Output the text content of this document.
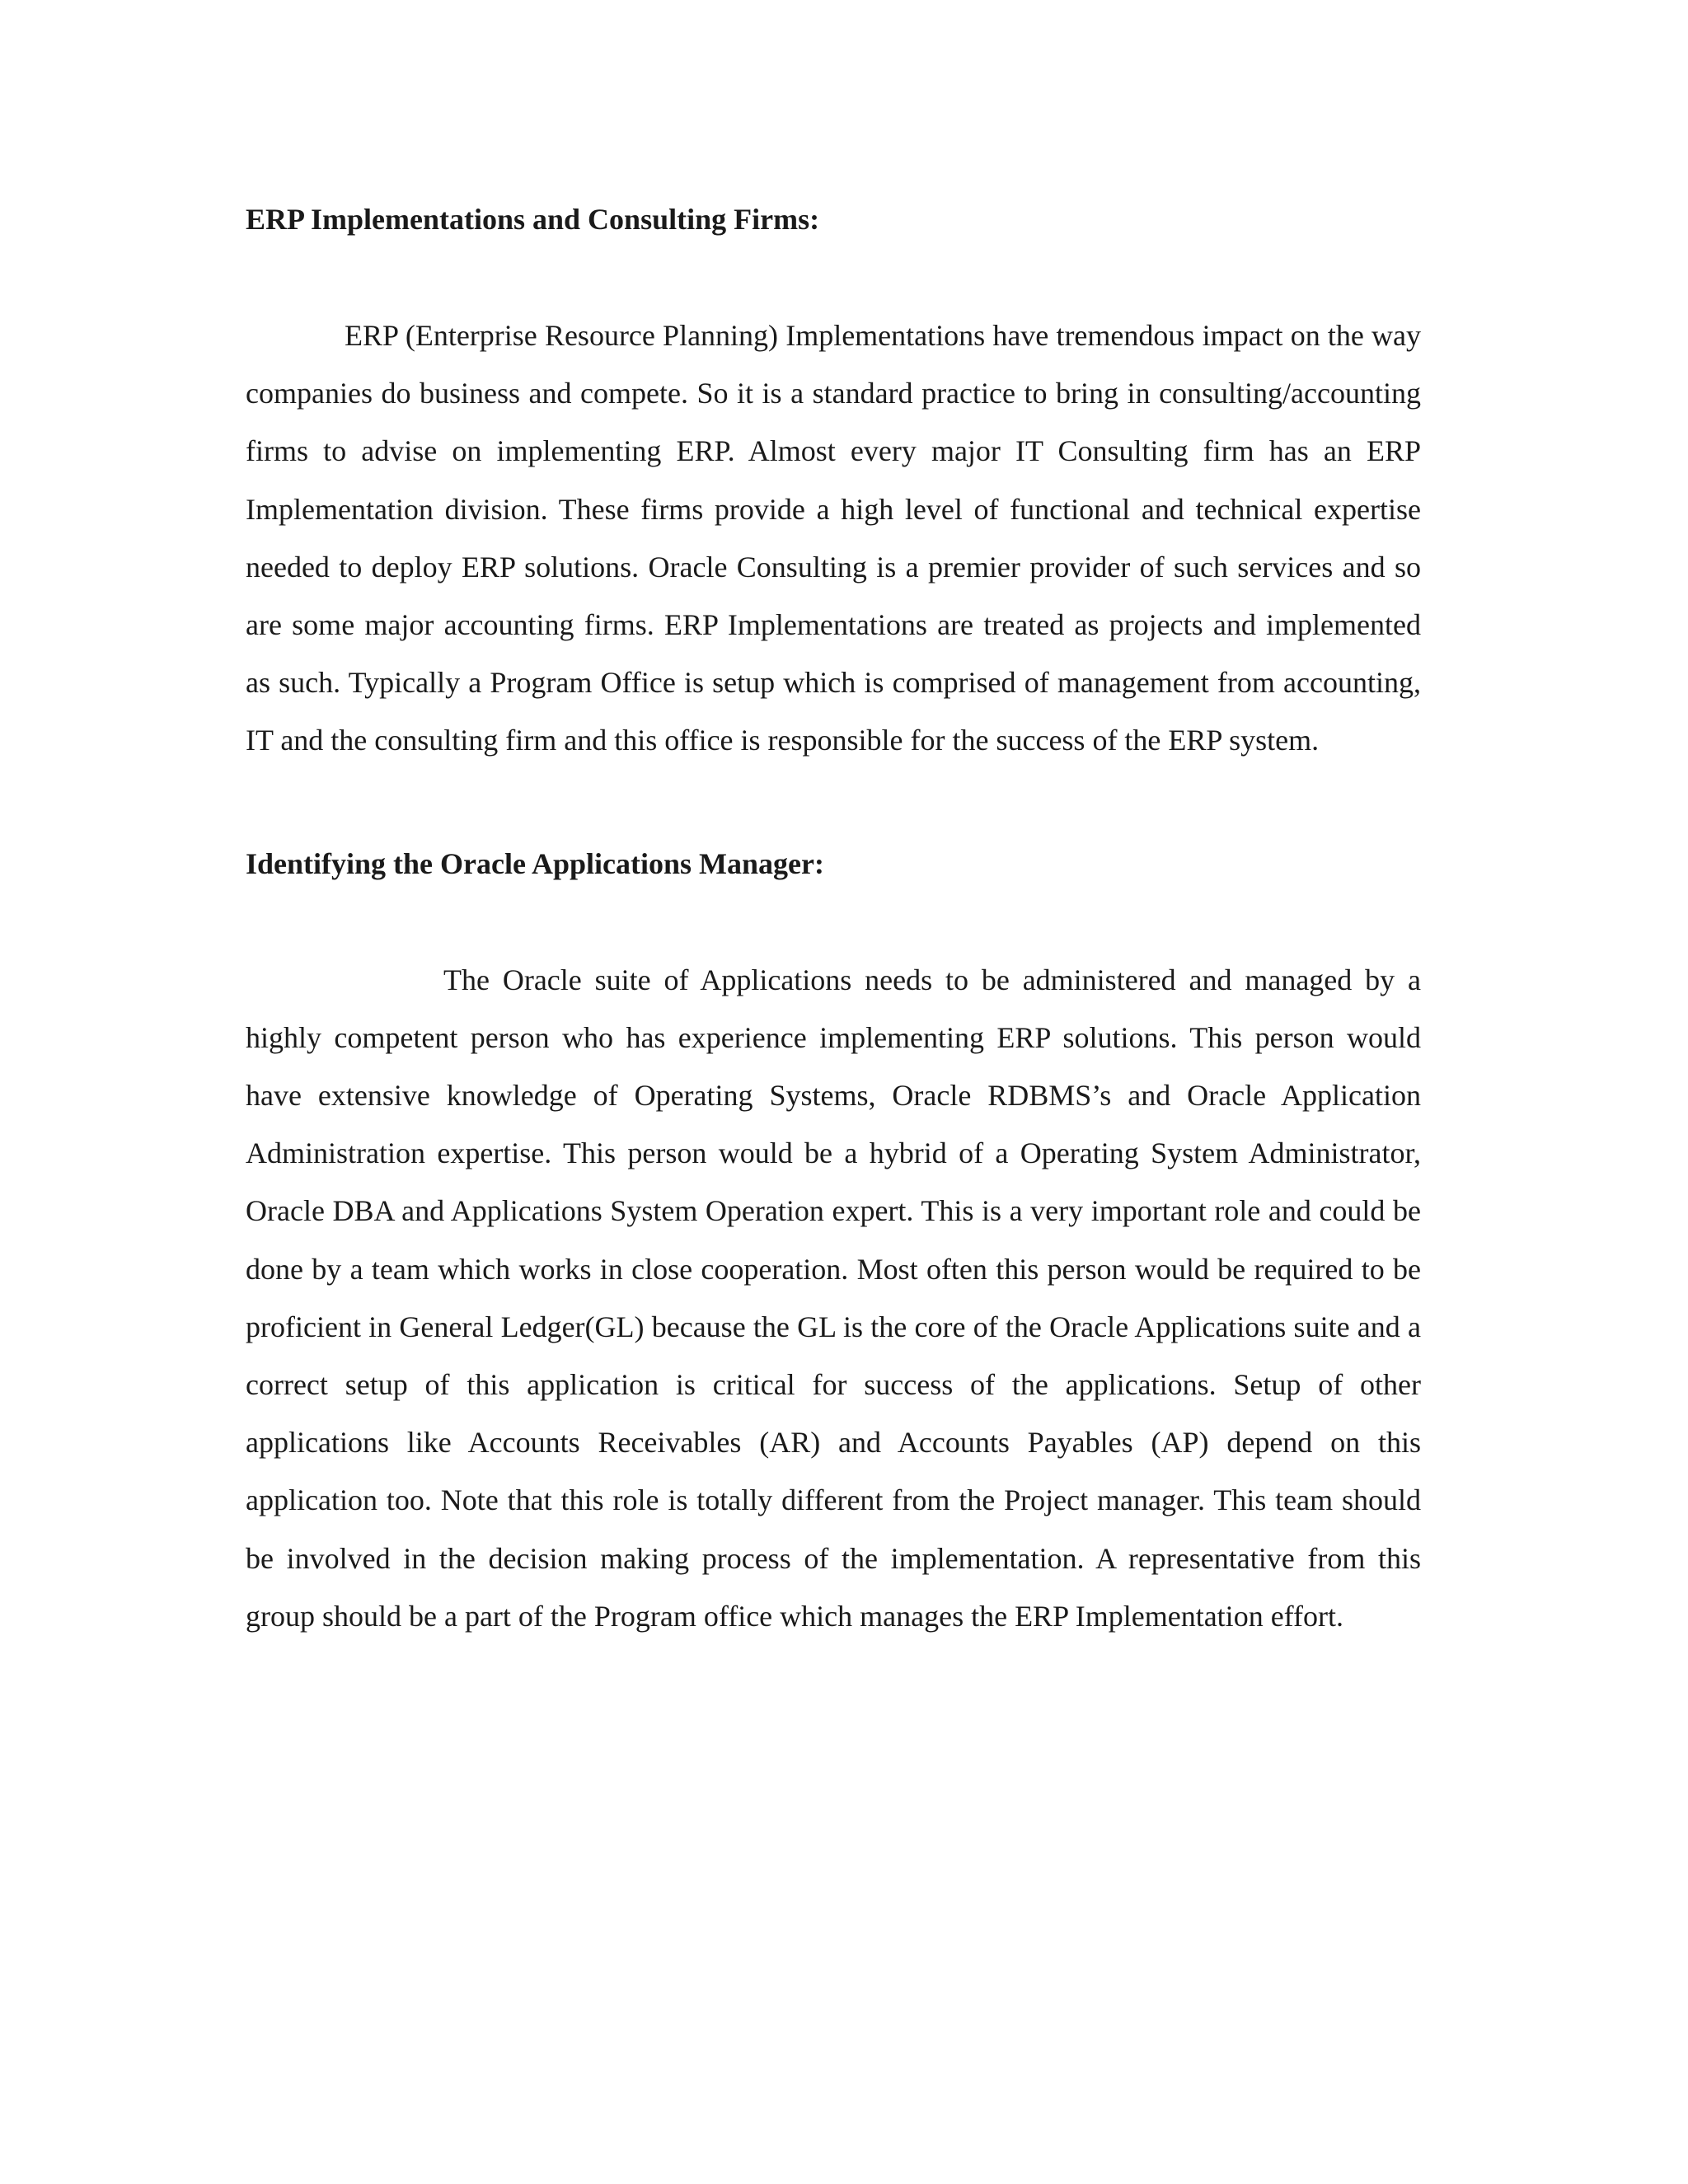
ERP Implementations and Consulting Firms:

ERP (Enterprise Resource Planning) Implementations have tremendous impact on the way companies do business and compete. So it is a standard practice to bring in consulting/accounting firms to advise on implementing ERP. Almost every major IT Consulting firm has an ERP Implementation division. These firms provide a high level of functional and technical expertise needed to deploy ERP solutions. Oracle Consulting is a premier provider of such services and so are some major accounting firms. ERP Implementations are treated as projects and implemented as such. Typically a Program Office is setup which is comprised of management from accounting, IT and the consulting firm and this office is responsible for the success of the ERP system.

Identifying the Oracle Applications Manager:

The Oracle suite of Applications needs to be administered and managed by a highly competent person who has experience implementing ERP solutions. This person would have extensive knowledge of Operating Systems, Oracle RDBMS’s and Oracle Application Administration expertise. This person would be a hybrid of a Operating System Administrator, Oracle DBA and Applications System Operation expert. This is a very important role and could be done by a team which works in close cooperation. Most often this person would be required to be proficient in General Ledger(GL) because the GL is the core of the Oracle Applications suite and a correct setup of this application is critical for success of the applications. Setup of other applications like Accounts Receivables (AR) and Accounts Payables (AP) depend on this application too. Note that this role is totally different from the Project manager. This team should be involved in the decision making process of the implementation. A representative from this group should be a part of the Program office which manages the ERP Implementation effort.
